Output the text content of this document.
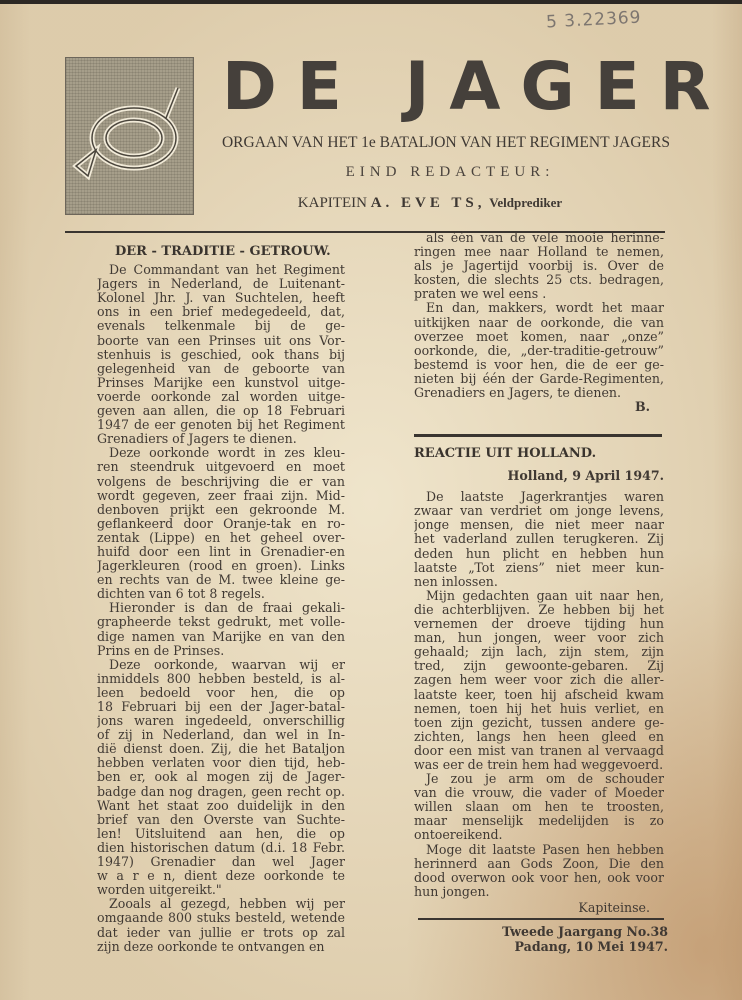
5 3.22369
DE JAGER
ORGAAN VAN HET 1e BATALJON VAN HET REGIMENT JAGERS
EIND REDACTEUR:
KAPITEIN A. EVE TS, Veldprediker
DER - TRADITIE - GETROUW.
De Commandant van het Regiment
Jagers in Nederland, de Luitenant-
Kolonel Jhr. J. van Suchtelen, heeft
ons in een brief medegedeeld, dat,
evenals telkenmale bij de ge-
boorte van een Prinses uit ons Vor-
stenhuis is geschied, ook thans bij
gelegenheid van de geboorte van
Prinses Marijke een kunstvol uitge-
voerde oorkonde zal worden uitge-
geven aan allen, die op 18 Februari
1947 de eer genoten bij het Regiment
Grenadiers of Jagers te dienen.
Deze oorkonde wordt in zes kleu-
ren steendruk uitgevoerd en moet
volgens de beschrijving die er van
wordt gegeven, zeer fraai zijn. Mid-
denboven prijkt een gekroonde M.
geflankeerd door Oranje-tak en ro-
zentak (Lippe) en het geheel over-
huifd door een lint in Grenadier-en
Jagerkleuren (rood en groen). Links
en rechts van de M. twee kleine ge-
dichten van 6 tot 8 regels.
Hieronder is dan de fraai gekali-
grapheerde tekst gedrukt, met volle-
dige namen van Marijke en van den
Prins en de Prinses.
Deze oorkonde, waarvan wij er
inmiddels 800 hebben besteld, is al-
leen bedoeld voor hen, die op
18 Februari bij een der Jager-batal-
jons waren ingedeeld, onverschillig
of zij in Nederland, dan wel in In-
dië dienst doen. Zij, die het Bataljon
hebben verlaten voor dien tijd, heb-
ben er, ook al mogen zij de Jager-
badge dan nog dragen, geen recht op.
Want het staat zoo duidelijk in den
brief van den Overste van Suchte-
len! Uitsluitend aan hen, die op
dien historischen datum (d.i. 18 Febr.
1947) Grenadier dan wel Jager
w a r e n, dient deze oorkonde te
worden uitgereikt."
Zooals al gezegd, hebben wij per
omgaande 800 stuks besteld, wetende
dat ieder van jullie er trots op zal
zijn deze oorkonde te ontvangen en
als één van de vele mooie herinne-
ringen mee naar Holland te nemen,
als je Jagertijd voorbij is. Over de
kosten, die slechts 25 cts. bedragen,
praten we wel eens .
En dan, makkers, wordt het maar
uitkijken naar de oorkonde, die van
overzee moet komen, naar „onze”
oorkonde, die, „der-traditie-getrouw”
bestemd is voor hen, die de eer ge-
nieten bij één der Garde-Regimenten,
Grenadiers en Jagers, te dienen.
B.
REACTIE UIT HOLLAND.
Holland, 9 April 1947.
De laatste Jagerkrantjes waren
zwaar van verdriet om jonge levens,
jonge mensen, die niet meer naar
het vaderland zullen terugkeren. Zij
deden hun plicht en hebben hun
laatste „Tot ziens” niet meer kun-
nen inlossen.
Mijn gedachten gaan uit naar hen,
die achterblijven. Ze hebben bij het
vernemen der droeve tijding hun
man, hun jongen, weer voor zich
gehaald; zijn lach, zijn stem, zijn
tred, zijn gewoonte-gebaren. Zij
zagen hem weer voor zich die aller-
laatste keer, toen hij afscheid kwam
nemen, toen hij het huis verliet, en
toen zijn gezicht, tussen andere ge-
zichten, langs hen heen gleed en
door een mist van tranen al vervaagd
was eer de trein hem had weggevoerd.
Je zou je arm om de schouder
van die vrouw, die vader of Moeder
willen slaan om hen te troosten,
maar menselijk medelijden is zo
ontoereikend.
Moge dit laatste Pasen hen hebben
herinnerd aan Gods Zoon, Die den
dood overwon ook voor hen, ook voor
hun jongen.
Kapiteinse.
Tweede Jaargang No.38
Padang, 10 Mei 1947.
